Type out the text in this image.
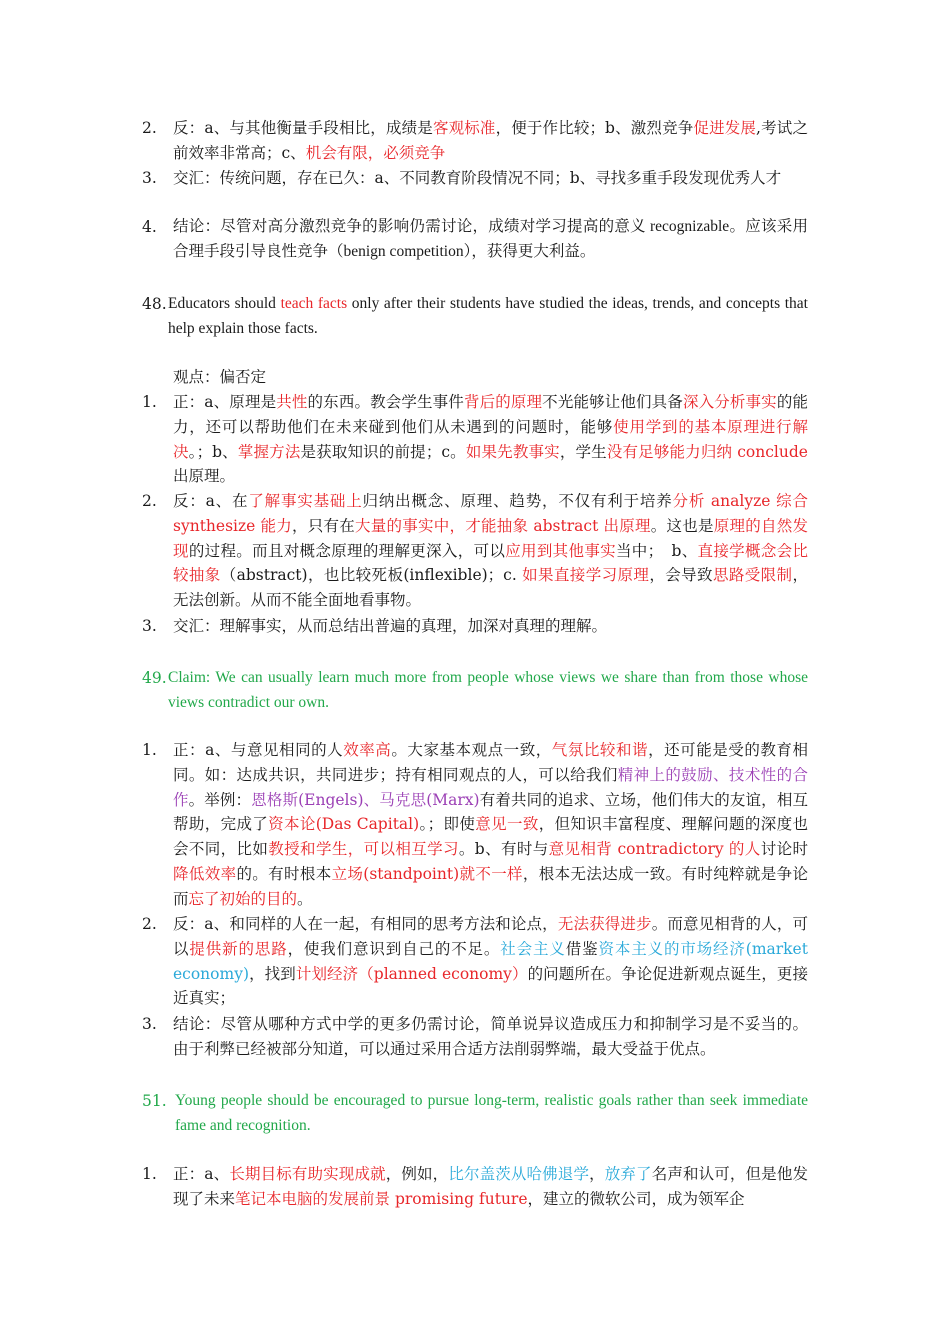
2.	反：a、与其他衡量手段相比，成绩是客观标准，便于作比较；b、激烈竞争促进发展,考试之前效率非常高；c、机会有限，必须竞争
3.	交汇：传统问题，存在已久：a、不同教育阶段情况不同；b、寻找多重手段发现优秀人才
4.	结论：尽管对高分激烈竞争的影响仍需讨论，成绩对学习提高的意义 recognizable。应该采用合理手段引导良性竞争（benign competition），获得更大利益。
48. Educators should teach facts only after their students have studied the ideas, trends, and concepts that help explain those facts.
观点：偏否定
1.	正：a、原理是共性的东西。教会学生事件背后的原理不光能够让他们具备深入分析事实的能力，还可以帮助他们在未来碰到他们从未遇到的问题时，能够使用学到的基本原理进行解决。；b、掌握方法是获取知识的前提；c。如果先教事实，学生没有足够能力归纳 conclude 出原理。
2.	反：a、在了解事实基础上归纳出概念、原理、趋势，不仅有利于培养分析 analyze 综合 synthesize 能力，只有在大量的事实中，才能抽象 abstract 出原理。这也是原理的自然发现的过程。而且对概念原理的理解更深入，可以应用到其他事实当中；　b、直接学概念会比较抽象（abstract)，也比较死板(inflexible)；c. 如果直接学习原理，会导致思路受限制，无法创新。从而不能全面地看事物。
3.	交汇：理解事实，从而总结出普遍的真理，加深对真理的理解。
49. Claim: We can usually learn much more from people whose views we share than from those whose views contradict our own.
1.	正：a、与意见相同的人效率高。大家基本观点一致，气氛比较和谐，还可能是受的教育相同。如：达成共识，共同进步；持有相同观点的人，可以给我们精神上的鼓励、技术性的合作。举例：恩格斯(Engels)、马克思(Marx)有着共同的追求、立场，他们伟大的友谊，相互帮助，完成了资本论(Das Capital)。；即使意见一致，但知识丰富程度、理解问题的深度也会不同，比如教授和学生，可以相互学习。b、有时与意见相背 contradictory 的人讨论时降低效率的。有时根本立场(standpoint)就不一样，根本无法达成一致。有时纯粹就是争论而忘了初始的目的。
2.	反：a、和同样的人在一起，有相同的思考方法和论点，无法获得进步。而意见相背的人，可以提供新的思路，使我们意识到自己的不足。社会主义借鉴资本主义的市场经济(market economy)，找到计划经济（planned economy）的问题所在。争论促进新观点诞生，更接近真实；
3.	结论：尽管从哪种方式中学的更多仍需讨论，简单说异议造成压力和抑制学习是不妥当的。由于利弊已经被部分知道，可以通过采用合适方法削弱弊端，最大受益于优点。
51. Young people should be encouraged to pursue long-term, realistic goals rather than seek immediate fame and recognition.
1.	正：a、长期目标有助实现成就，例如，比尔盖茨从哈佛退学，放弃了名声和认可，但是他发现了未来笔记本电脑的发展前景 promising future，建立的微软公司，成为领军企
